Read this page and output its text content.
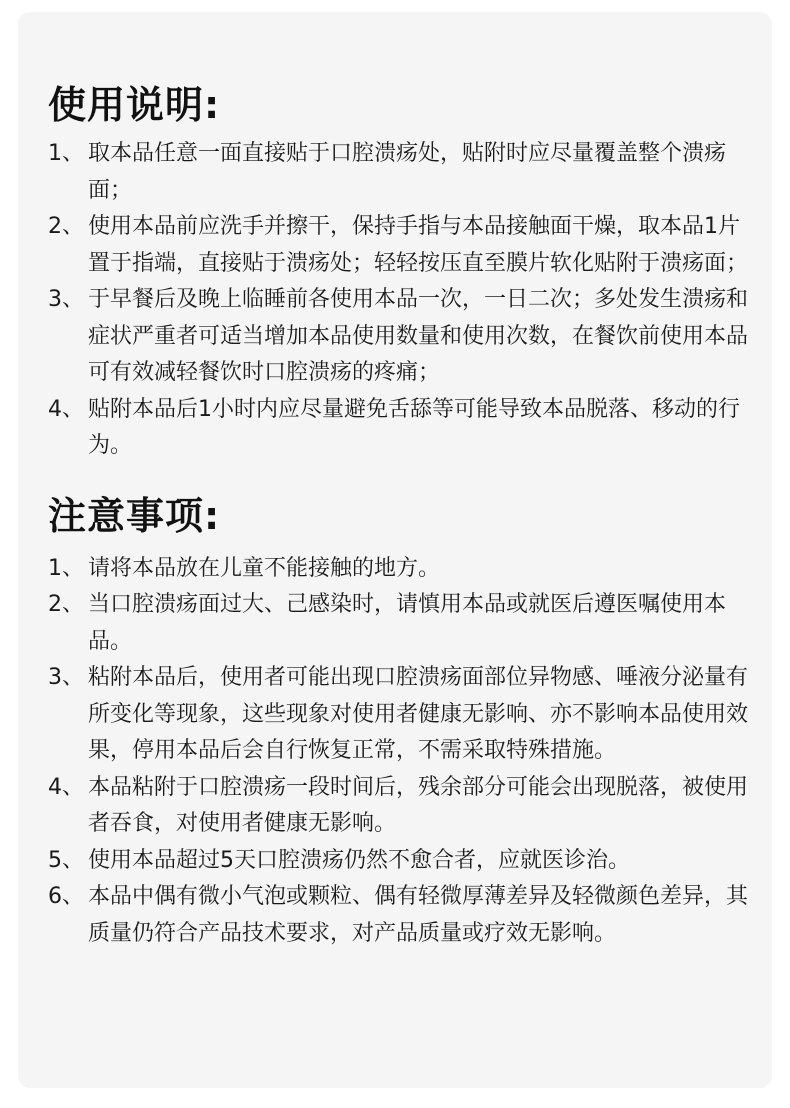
使用说明:
1、 取本品任意一面直接贴于口腔溃疡处，贴附时应尽量覆盖整个溃疡面；
2、 使用本品前应洗手并擦干，保持手指与本品接触面干燥，取本品1片置于指端，直接贴于溃疡处；轻轻按压直至膜片软化贴附于溃疡面；
3、 于早餐后及晚上临睡前各使用本品一次，一日二次；多处发生溃疡和症状严重者可适当增加本品使用数量和使用次数，在餐饮前使用本品可有效减轻餐饮时口腔溃疡的疼痛；
4、 贴附本品后1小时内应尽量避免舌舔等可能导致本品脱落、移动的行为。
注意事项:
1、 请将本品放在儿童不能接触的地方。
2、 当口腔溃疡面过大、己感染时，请慎用本品或就医后遵医嘱使用本品。
3、 粘附本品后，使用者可能出现口腔溃疡面部位异物感、唾液分泌量有所变化等现象，这些现象对使用者健康无影响、亦不影响本品使用效果，停用本品后会自行恢复正常，不需采取特殊措施。
4、 本品粘附于口腔溃疡一段时间后，残余部分可能会出现脱落，被使用者吞食，对使用者健康无影响。
5、 使用本品超过5天口腔溃疡仍然不愈合者，应就医诊治。
6、 本品中偶有微小气泡或颗粒、偶有轻微厚薄差异及轻微颜色差异，其质量仍符合产品技术要求，对产品质量或疗效无影响。
